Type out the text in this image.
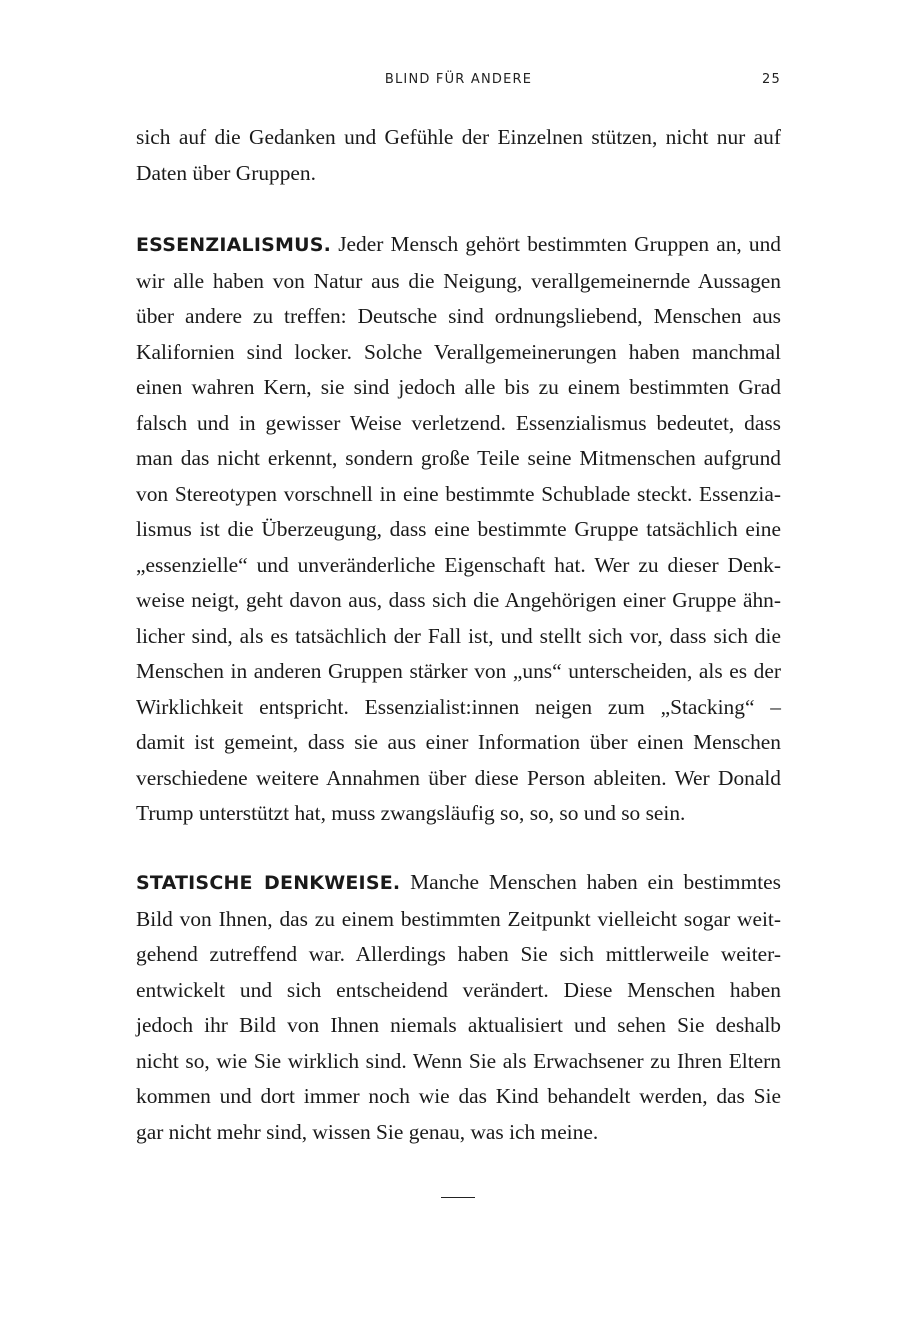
BLIND FÜR ANDERE	25
sich auf die Gedanken und Gefühle der Einzelnen stützen, nicht nur auf
Daten über Gruppen.
ESSENZIALISMUS. Jeder Mensch gehört bestimmten Gruppen an, und
wir alle haben von Natur aus die Neigung, verallgemeinernde Aussagen
über andere zu treffen: Deutsche sind ordnungsliebend, Menschen aus
Kalifornien sind locker. Solche Verallgemeinerungen haben manchmal
einen wahren Kern, sie sind jedoch alle bis zu einem bestimmten Grad
falsch und in gewisser Weise verletzend. Essenzialismus bedeutet, dass
man das nicht erkennt, sondern große Teile seine Mitmenschen aufgrund
von Stereotypen vorschnell in eine bestimmte Schublade steckt. Essenzia-
lismus ist die Überzeugung, dass eine bestimmte Gruppe tatsächlich eine
„essenzielle“ und unveränderliche Eigenschaft hat. Wer zu dieser Denk-
weise neigt, geht davon aus, dass sich die Angehörigen einer Gruppe ähn-
licher sind, als es tatsächlich der Fall ist, und stellt sich vor, dass sich die
Menschen in anderen Gruppen stärker von „uns“ unterscheiden, als es der
Wirklichkeit entspricht. Essenzialist:innen neigen zum „Stacking“ –
damit ist gemeint, dass sie aus einer Information über einen Menschen
verschiedene weitere Annahmen über diese Person ableiten. Wer Donald
Trump unterstützt hat, muss zwangsläufig so, so, so und so sein.
STATISCHE DENKWEISE. Manche Menschen haben ein bestimmtes
Bild von Ihnen, das zu einem bestimmten Zeitpunkt vielleicht sogar weit-
gehend zutreffend war. Allerdings haben Sie sich mittlerweile weiter-
entwickelt und sich entscheidend verändert. Diese Menschen haben
jedoch ihr Bild von Ihnen niemals aktualisiert und sehen Sie deshalb
nicht so, wie Sie wirklich sind. Wenn Sie als Erwachsener zu Ihren Eltern
kommen und dort immer noch wie das Kind behandelt werden, das Sie
gar nicht mehr sind, wissen Sie genau, was ich meine.
